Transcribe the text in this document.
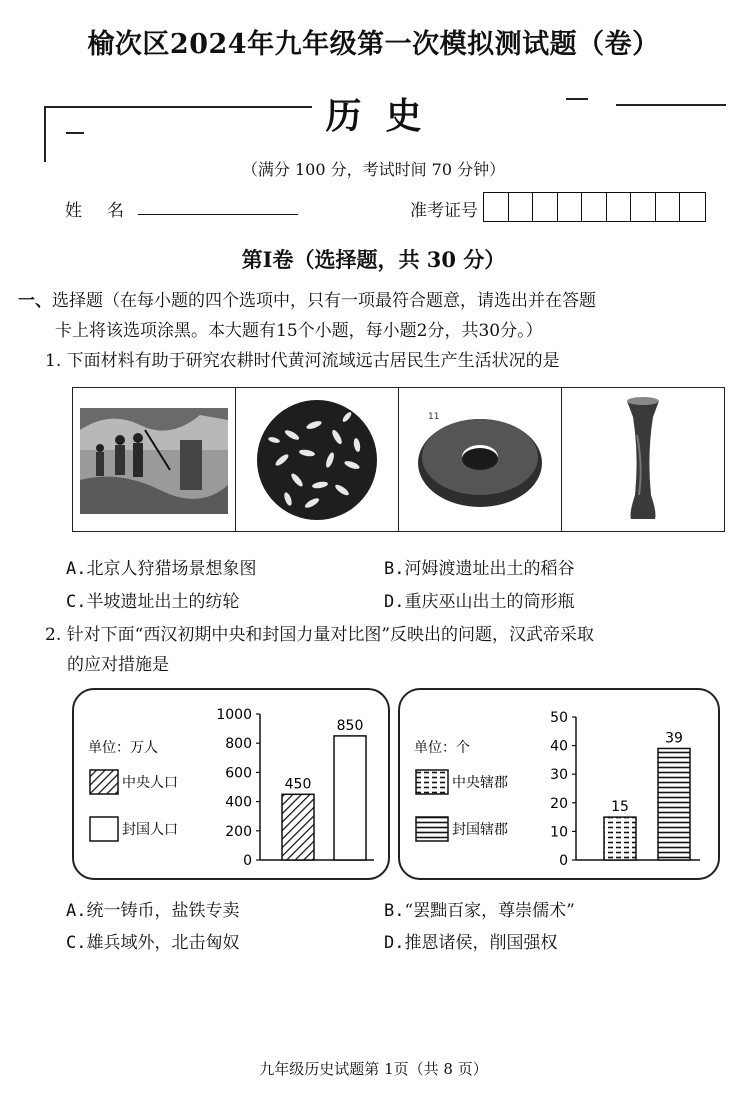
榆次区2024年九年级第一次模拟测试题（卷）
历史
（满分 100 分，考试时间 70 分钟）
姓　名	准考证号
第Ⅰ卷（选择题，共 30 分）
一、选择题（在每小题的四个选项中，只有一项最符合题意，请选出并在答题
卡上将该选项涂黑。本大题有15个小题，每小题2分，共30分。）
1. 下面材料有助于研究农耕时代黄河流域远古居民生产生活状况的是
11
A.北京人狩猎场景想象图	B.河姆渡遗址出土的稻谷
C.半坡遗址出土的纺轮	D.重庆巫山出土的筒形瓶
2. 针对下面“西汉初期中央和封国力量对比图”反映出的问题，汉武帝采取
的应对措施是
单位：万人
中央人口
封国人口
0
200
400
600
800
1000
450
850
单位：个
中央辖郡
封国辖郡
0
10
20
30
40
50
15
39
A.统一铸币，盐铁专卖	B.“罢黜百家，尊崇儒术”
C.雄兵域外，北击匈奴	D.推恩诸侯，削国强权
九年级历史试题第 1页（共 8 页）
